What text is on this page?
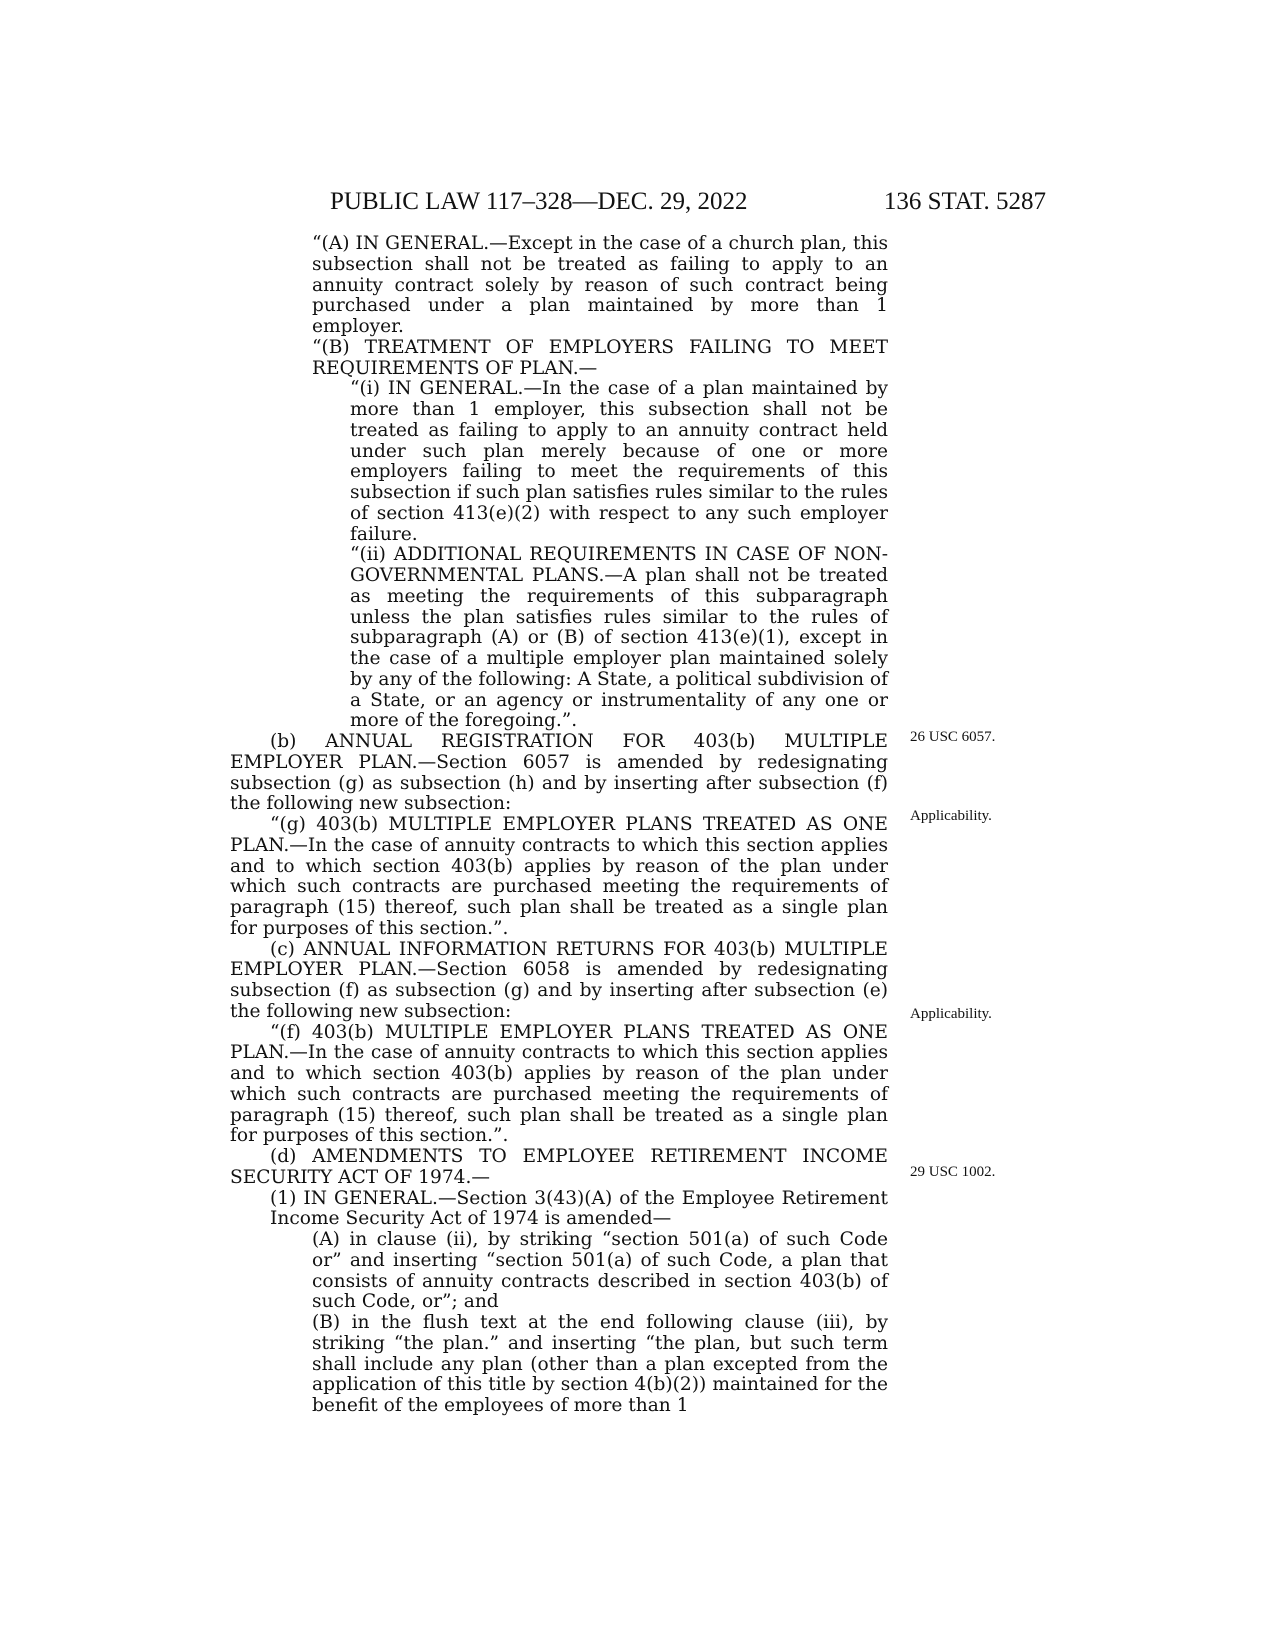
PUBLIC LAW 117–328—DEC. 29, 2022	136 STAT. 5287

“(A) IN GENERAL.—Except in the case of a church plan, this subsection shall not be treated as failing to apply to an annuity contract solely by reason of such contract being purchased under a plan maintained by more than 1 employer.

“(B) TREATMENT OF EMPLOYERS FAILING TO MEET REQUIREMENTS OF PLAN.—

“(i) IN GENERAL.—In the case of a plan maintained by more than 1 employer, this subsection shall not be treated as failing to apply to an annuity contract held under such plan merely because of one or more employers failing to meet the requirements of this subsection if such plan satisfies rules similar to the rules of section 413(e)(2) with respect to any such employer failure.

“(ii) ADDITIONAL REQUIREMENTS IN CASE OF NON-GOVERNMENTAL PLANS.—A plan shall not be treated as meeting the requirements of this subparagraph unless the plan satisfies rules similar to the rules of subparagraph (A) or (B) of section 413(e)(1), except in the case of a multiple employer plan maintained solely by any of the following: A State, a political subdivision of a State, or an agency or instrumentality of any one or more of the foregoing.”.

(b) ANNUAL REGISTRATION FOR 403(b) MULTIPLE EMPLOYER PLAN.—Section 6057 is amended by redesignating subsection (g) as subsection (h) and by inserting after subsection (f) the following new subsection:

“(g) 403(b) MULTIPLE EMPLOYER PLANS TREATED AS ONE PLAN.—In the case of annuity contracts to which this section applies and to which section 403(b) applies by reason of the plan under which such contracts are purchased meeting the requirements of paragraph (15) thereof, such plan shall be treated as a single plan for purposes of this section.”.

(c) ANNUAL INFORMATION RETURNS FOR 403(b) MULTIPLE EMPLOYER PLAN.—Section 6058 is amended by redesignating subsection (f) as subsection (g) and by inserting after subsection (e) the following new subsection:

“(f) 403(b) MULTIPLE EMPLOYER PLANS TREATED AS ONE PLAN.—In the case of annuity contracts to which this section applies and to which section 403(b) applies by reason of the plan under which such contracts are purchased meeting the requirements of paragraph (15) thereof, such plan shall be treated as a single plan for purposes of this section.”.

(d) AMENDMENTS TO EMPLOYEE RETIREMENT INCOME SECURITY ACT OF 1974.—

(1) IN GENERAL.—Section 3(43)(A) of the Employee Retirement Income Security Act of 1974 is amended—

(A) in clause (ii), by striking “section 501(a) of such Code or” and inserting “section 501(a) of such Code, a plan that consists of annuity contracts described in section 403(b) of such Code, or”; and

(B) in the flush text at the end following clause (iii), by striking “the plan.” and inserting “the plan, but such term shall include any plan (other than a plan excepted from the application of this title by section 4(b)(2)) maintained for the benefit of the employees of more than 1

26 USC 6057.
Applicability.
Applicability.
29 USC 1002.
